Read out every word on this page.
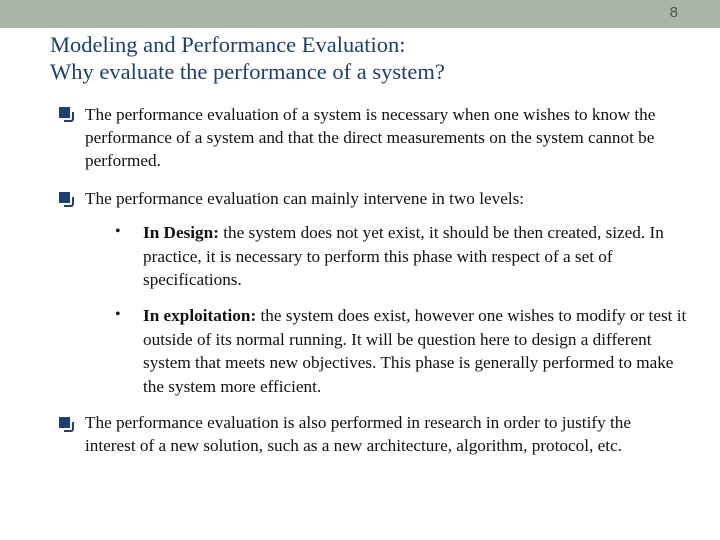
8
Modeling and Performance Evaluation:
Why evaluate the performance of a system?
The performance evaluation of a system is necessary when one wishes to know the performance of a system and that the direct measurements on the system cannot be performed.
The performance evaluation can mainly intervene in two levels:
• In Design: the system does not yet exist, it should be then created, sized. In practice, it is necessary to perform this phase with respect of a set of specifications.
• In exploitation: the system does exist, however one wishes to modify or test it outside of its normal running. It will be question here to design a different system that meets new objectives. This phase is generally performed to make the system more efficient.
The performance evaluation is also performed in research in order to justify the interest of a new solution, such as a new architecture, algorithm, protocol, etc.
